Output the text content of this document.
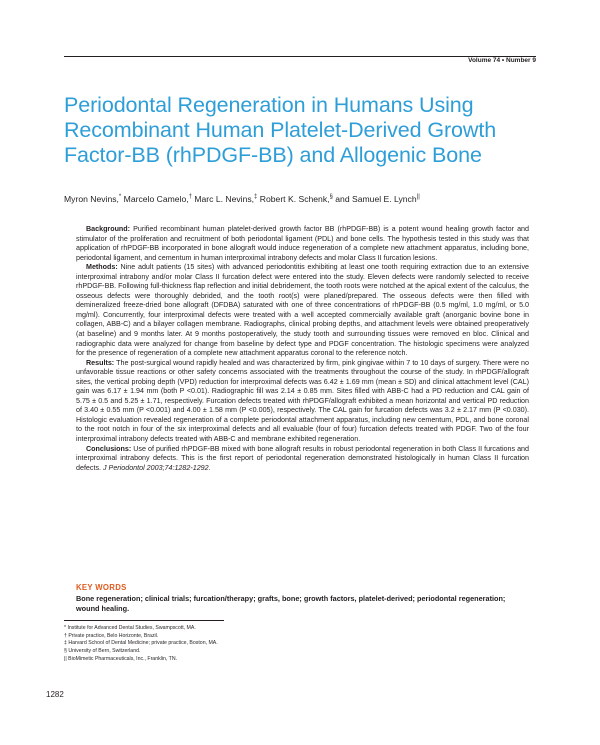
Volume 74 • Number 9
Periodontal Regeneration in Humans Using Recombinant Human Platelet-Derived Growth Factor-BB (rhPDGF-BB) and Allogenic Bone
Myron Nevins,* Marcelo Camelo,† Marc L. Nevins,‡ Robert K. Schenk,§ and Samuel E. Lynch||

Background: Purified recombinant human platelet-derived growth factor BB (rhPDGF-BB) is a potent wound healing growth factor and stimulator of the proliferation and recruitment of both periodontal ligament (PDL) and bone cells. The hypothesis tested in this study was that application of rhPDGF-BB incorporated in bone allograft would induce regeneration of a complete new attachment apparatus, including bone, periodontal ligament, and cementum in human interproximal intrabony defects and molar Class II furcation lesions.

Methods: Nine adult patients (15 sites) with advanced periodontitis exhibiting at least one tooth requiring extraction due to an extensive interproximal intrabony and/or molar Class II furcation defect were entered into the study. Eleven defects were randomly selected to receive rhPDGF-BB. Following full-thickness flap reflection and initial debridement, the tooth roots were notched at the apical extent of the calculus, the osseous defects were thoroughly debrided, and the tooth root(s) were planed/prepared. The osseous defects were then filled with demineralized freeze-dried bone allograft (DFDBA) saturated with one of three concentrations of rhPDGF-BB (0.5 mg/ml, 1.0 mg/ml, or 5.0 mg/ml). Concurrently, four interproximal defects were treated with a well accepted commercially available graft (anorganic bovine bone in collagen, ABB-C) and a bilayer collagen membrane. Radiographs, clinical probing depths, and attachment levels were obtained preoperatively (at baseline) and 9 months later. At 9 months postoperatively, the study tooth and surrounding tissues were removed en bloc. Clinical and radiographic data were analyzed for change from baseline by defect type and PDGF concentration. The histologic specimens were analyzed for the presence of regeneration of a complete new attachment apparatus coronal to the reference notch.

Results: The post-surgical wound rapidly healed and was characterized by firm, pink gingivae within 7 to 10 days of surgery. There were no unfavorable tissue reactions or other safety concerns associated with the treatments throughout the course of the study. In rhPDGF/allograft sites, the vertical probing depth (VPD) reduction for interproximal defects was 6.42 ± 1.69 mm (mean ± SD) and clinical attachment level (CAL) gain was 6.17 ± 1.94 mm (both P <0.01). Radiographic fill was 2.14 ± 0.85 mm. Sites filled with ABB-C had a PD reduction and CAL gain of 5.75 ± 0.5 and 5.25 ± 1.71, respectively. Furcation defects treated with rhPDGF/allograft exhibited a mean horizontal and vertical PD reduction of 3.40 ± 0.55 mm (P <0.001) and 4.00 ± 1.58 mm (P <0.005), respectively. The CAL gain for furcation defects was 3.2 ± 2.17 mm (P <0.030). Histologic evaluation revealed regeneration of a complete periodontal attachment apparatus, including new cementum, PDL, and bone coronal to the root notch in four of the six interproximal defects and all evaluable (four of four) furcation defects treated with PDGF. Two of the four interproximal intrabony defects treated with ABB-C and membrane exhibited regeneration.

Conclusions: Use of purified rhPDGF-BB mixed with bone allograft results in robust periodontal regeneration in both Class II furcations and interproximal intrabony defects. This is the first report of periodontal regeneration demonstrated histologically in human Class II furcation defects. J Periodontol 2003;74:1282-1292.

KEY WORDS
Bone regeneration; clinical trials; furcation/therapy; grafts, bone; growth factors, platelet-derived; periodontal regeneration; wound healing.
* Institute for Advanced Dental Studies, Swampscott, MA.
† Private practice, Belo Horizonte, Brazil.
‡ Harvard School of Dental Medicine; private practice, Boston, MA.
§ University of Bern, Switzerland.
|| BioMimetic Pharmaceuticals, Inc., Franklin, TN.
1282
